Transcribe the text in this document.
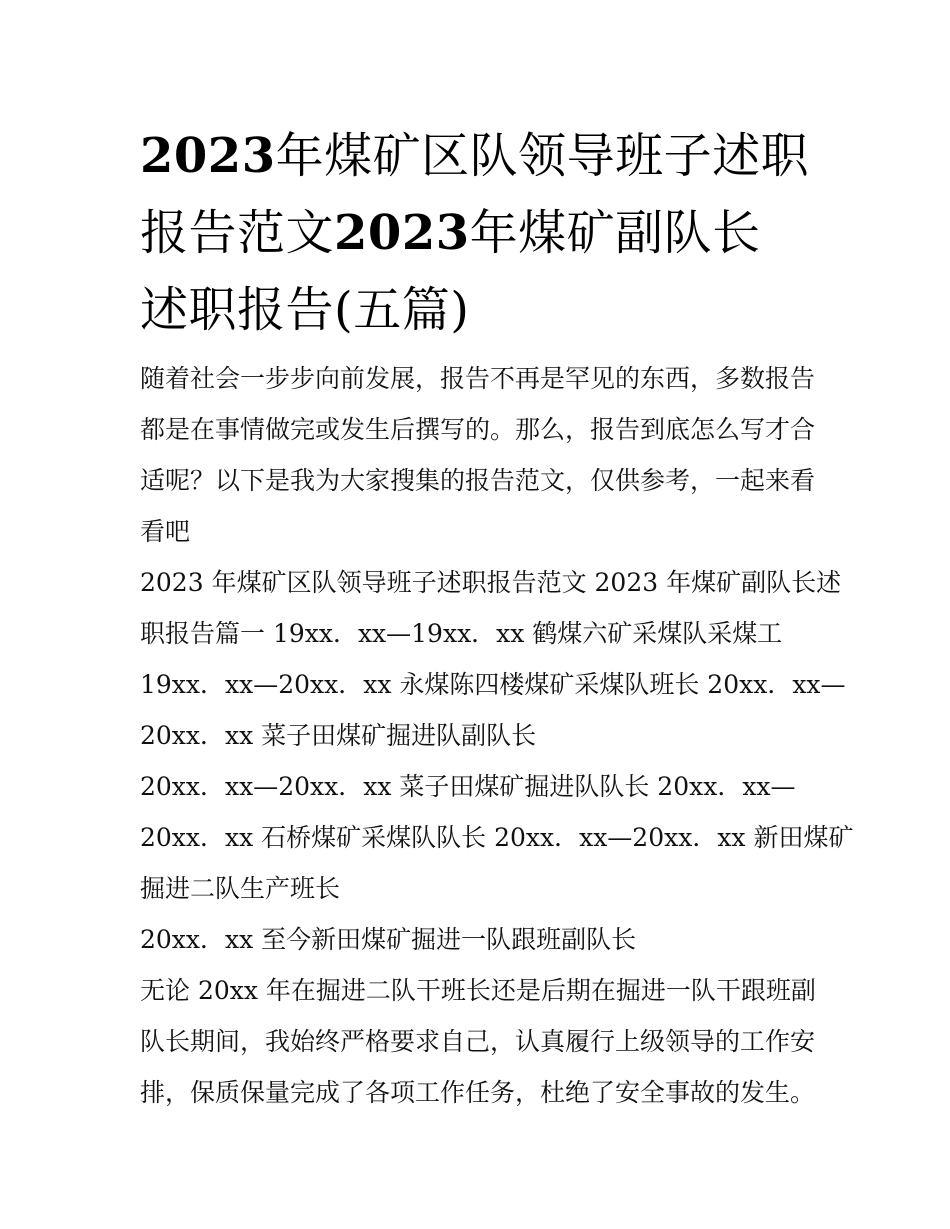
2023年煤矿区队领导班子述职
报告范文2023年煤矿副队长
述职报告(五篇)
随着社会一步步向前发展，报告不再是罕见的东西，多数报告
都是在事情做完或发生后撰写的。那么，报告到底怎么写才合
适呢？以下是我为大家搜集的报告范文，仅供参考，一起来看
看吧
2023 年煤矿区队领导班子述职报告范文 2023 年煤矿副队长述
职报告篇一 19xx．xx—19xx．xx 鹤煤六矿采煤队采煤工
19xx．xx—20xx．xx 永煤陈四楼煤矿采煤队班长 20xx．xx—
20xx．xx 菜子田煤矿掘进队副队长
20xx．xx—20xx．xx 菜子田煤矿掘进队队长 20xx．xx—
20xx．xx 石桥煤矿采煤队队长 20xx．xx—20xx．xx 新田煤矿
掘进二队生产班长
20xx．xx 至今新田煤矿掘进一队跟班副队长
无论 20xx 年在掘进二队干班长还是后期在掘进一队干跟班副
队长期间，我始终严格要求自己，认真履行上级领导的工作安
排，保质保量完成了各项工作任务，杜绝了安全事故的发生。
